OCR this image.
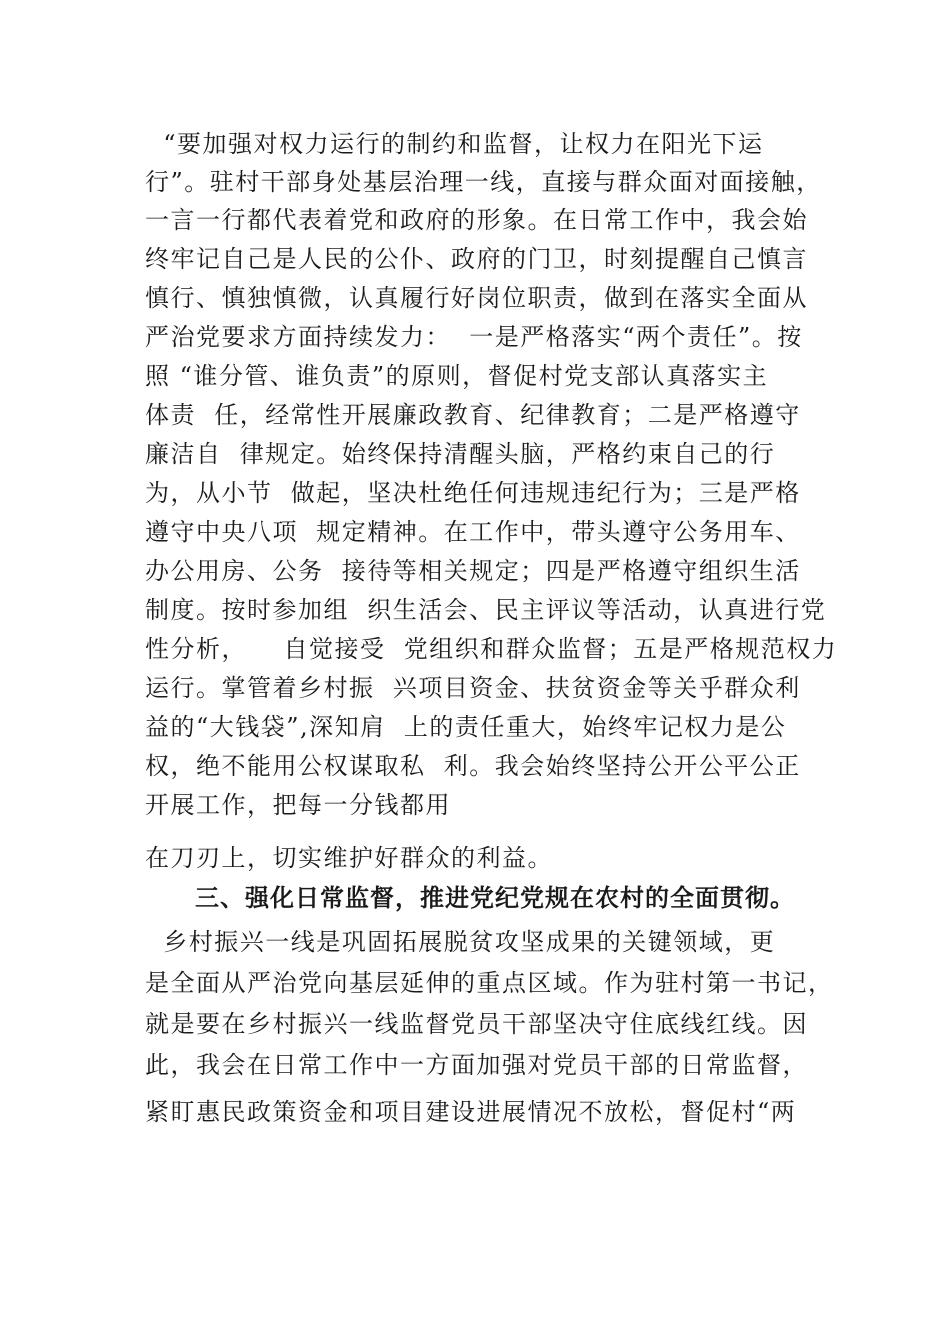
“要加强对权力运行的制约和监督，让权力在阳光下运
行”。驻村干部身处基层治理一线，直接与群众面对面接触，
一言一行都代表着党和政府的形象。在日常工作中，我会始
终牢记自己是人民的公仆、政府的门卫，时刻提醒自己慎言
慎行、慎独慎微，认真履行好岗位职责，做到在落实全面从
严治党要求方面持续发力：  一是严格落实“两个责任”。按
照 “谁分管、谁负责”的原则，督促村党支部认真落实主
体责  任，经常性开展廉政教育、纪律教育；二是严格遵守
廉洁自  律规定。始终保持清醒头脑，严格约束自己的行
为，从小节  做起，坚决杜绝任何违规违纪行为；三是严格
遵守中央八项  规定精神。在工作中，带头遵守公务用车、
办公用房、公务  接待等相关规定；四是严格遵守组织生活
制度。按时参加组  织生活会、民主评议等活动，认真进行党
性分析，    自觉接受  党组织和群众监督；五是严格规范权力
运行。掌管着乡村振  兴项目资金、扶贫资金等关乎群众利
益的“大钱袋”,深知肩  上的责任重大，始终牢记权力是公
权，绝不能用公权谋取私  利。我会始终坚持公开公平公正
开展工作，把每一分钱都用
在刀刃上，切实维护好群众的利益。
三、强化日常监督，推进党纪党规在农村的全面贯彻。
乡村振兴一线是巩固拓展脱贫攻坚成果的关键领域，更
是全面从严治党向基层延伸的重点区域。作为驻村第一书记，
就是要在乡村振兴一线监督党员干部坚决守住底线红线。因
此，我会在日常工作中一方面加强对党员干部的日常监督，
紧盯惠民政策资金和项目建设进展情况不放松，督促村“两
